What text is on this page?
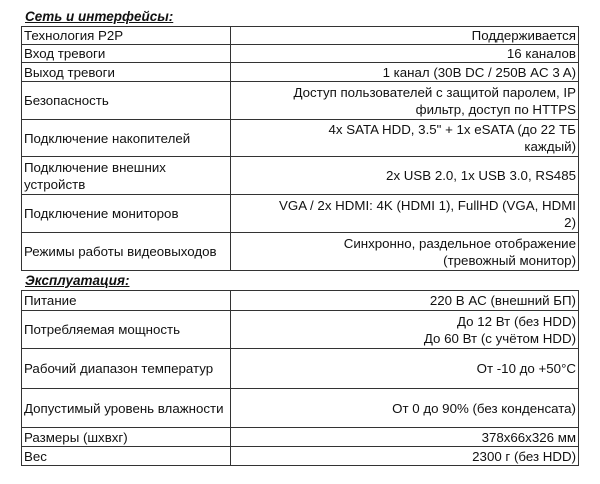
Сеть и интерфейсы:
Технология P2P	Поддерживается

Вход тревоги	16 каналов

Выход тревоги	1 канал (30В DC / 250В AC 3 A)

Безопасность	Доступ пользователей с защитой паролем, IP
фильтр, доступ по HTTPS

Подключение накопителей	4x SATA HDD, 3.5" + 1x eSATA (до 22 ТБ
каждый)

Подключение внешних устройств	2x USB 2.0, 1x USB 3.0, RS485

Подключение мониторов	VGA / 2x HDMI: 4K (HDMI 1), FullHD (VGA, HDMI
2)

Режимы работы видеовыходов	Синхронно, раздельное отображение
(тревожный монитор)
Эксплуатация:
Питание	220 В AC (внешний БП)

Потребляемая мощность	До 12 Вт (без HDD)
До 60 Вт (с учётом HDD)

Рабочий диапазон температур	От -10 до +50°С

Допустимый уровень влажности	От 0 до 90% (без конденсата)

Размеры (шхвхг)	378x66x326 мм

Вес	2300 г (без HDD)
